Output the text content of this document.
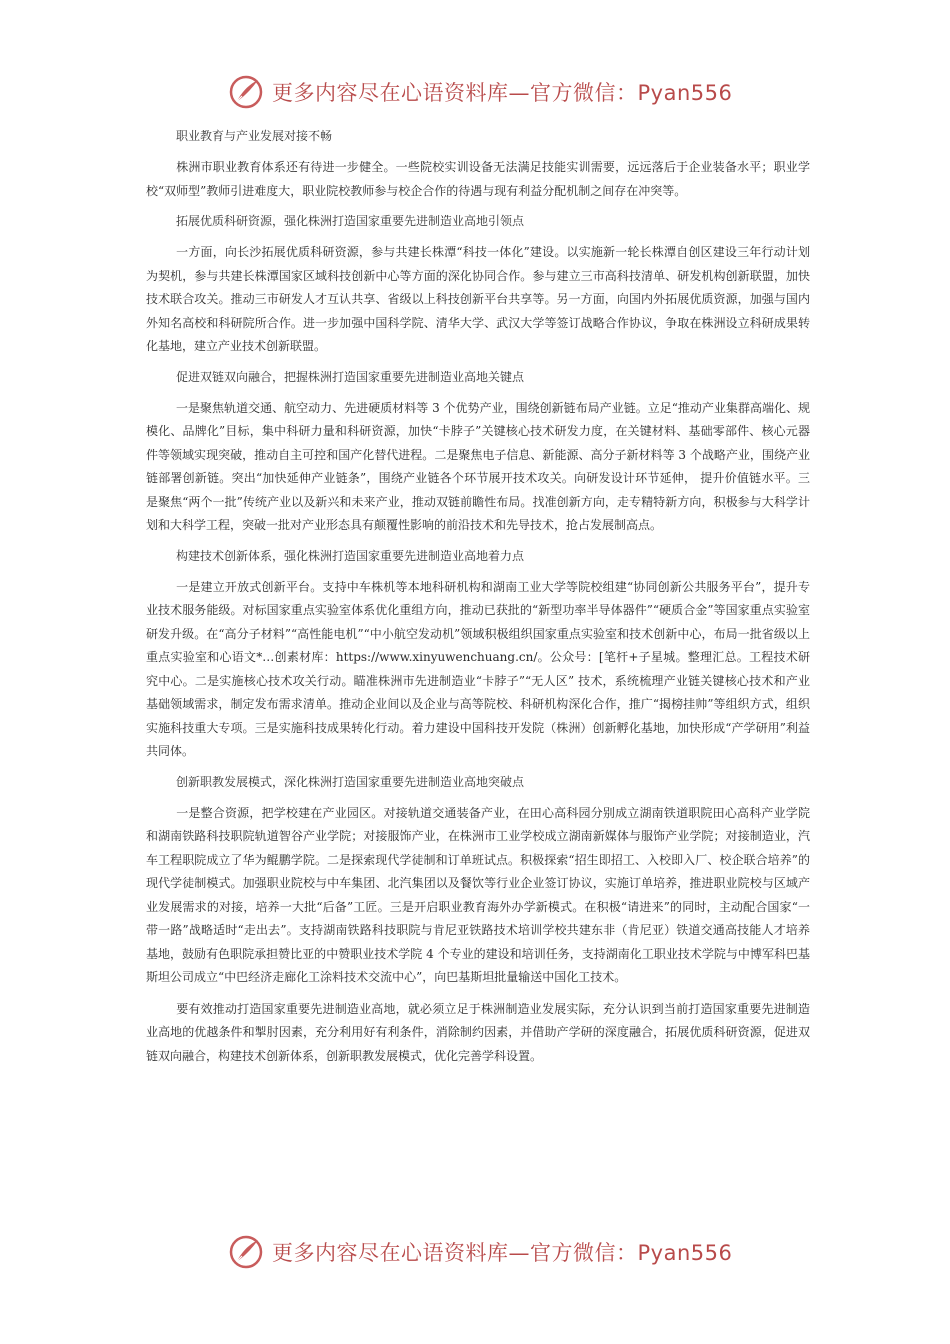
更多内容尽在心语资料库—官方微信：Pyan556

职业教育与产业发展对接不畅

株洲市职业教育体系还有待进一步健全。一些院校实训设备无法满足技能实训需要，远远落后于企业装备水平；职业学校“双师型”教师引进难度大，职业院校教师参与校企合作的待遇与现有利益分配机制之间存在冲突等。

拓展优质科研资源，强化株洲打造国家重要先进制造业高地引领点

一方面，向长沙拓展优质科研资源，参与共建长株潭“科技一体化”建设。以实施新一轮长株潭自创区建设三年行动计划为契机，参与共建长株潭国家区域科技创新中心等方面的深化协同合作。参与建立三市高科技清单、研发机构创新联盟，加快技术联合攻关。推动三市研发人才互认共享、省级以上科技创新平台共享等。另一方面，向国内外拓展优质资源，加强与国内外知名高校和科研院所合作。进一步加强中国科学院、清华大学、武汉大学等签订战略合作协议，争取在株洲设立科研成果转化基地，建立产业技术创新联盟。

促进双链双向融合，把握株洲打造国家重要先进制造业高地关键点

一是聚焦轨道交通、航空动力、先进硬质材料等 3 个优势产业，围绕创新链布局产业链。立足“推动产业集群高端化、规模化、品牌化”目标，集中科研力量和科研资源，加快“卡脖子”关键核心技术研发力度，在关键材料、基础零部件、核心元器件等领域实现突破，推动自主可控和国产化替代进程。二是聚焦电子信息、新能源、高分子新材料等 3 个战略产业，围绕产业链部署创新链。突出“加快延伸产业链条”，围绕产业链各个环节展开技术攻关。向研发设计环节延伸， 提升价值链水平。三是聚焦“两个一批”传统产业以及新兴和未来产业，推动双链前瞻性布局。找准创新方向，走专精特新方向，积极参与大科学计划和大科学工程，突破一批对产业形态具有颠覆性影响的前沿技术和先导技术，抢占发展制高点。

构建技术创新体系，强化株洲打造国家重要先进制造业高地着力点

一是建立开放式创新平台。支持中车株机等本地科研机构和湖南工业大学等院校组建“协同创新公共服务平台”，提升专业技术服务能级。对标国家重点实验室体系优化重组方向，推动已获批的“新型功率半导体器件”“硬质合金”等国家重点实验室研发升级。在“高分子材料”“高性能电机”“中小航空发动机”领域积极组织国家重点实验室和技术创新中心，布局一批省级以上重点实验室和心语文*…创素材库：https://www.xinyuwenchuang.cn/。公众号：[笔杆+子星城。整理汇总。工程技术研究中心。二是实施核心技术攻关行动。瞄准株洲市先进制造业“卡脖子”“无人区” 技术，系统梳理产业链关键核心技术和产业基础领域需求，制定发布需求清单。推动企业间以及企业与高等院校、科研机构深化合作，推广“揭榜挂帅”等组织方式，组织实施科技重大专项。三是实施科技成果转化行动。着力建设中国科技开发院（株洲）创新孵化基地，加快形成“产学研用”利益共同体。

创新职教发展模式，深化株洲打造国家重要先进制造业高地突破点

一是整合资源，把学校建在产业园区。对接轨道交通装备产业，在田心高科园分别成立湖南铁道职院田心高科产业学院和湖南铁路科技职院轨道智谷产业学院；对接服饰产业，在株洲市工业学校成立湖南新媒体与服饰产业学院；对接制造业，汽车工程职院成立了华为鲲鹏学院。二是探索现代学徒制和订单班试点。积极探索“招生即招工、入校即入厂、校企联合培养”的现代学徒制模式。加强职业院校与中车集团、北汽集团以及餐饮等行业企业签订协议，实施订单培养，推进职业院校与区域产业发展需求的对接，培养一大批“后备”工匠。三是开启职业教育海外办学新模式。在积极“请进来”的同时，主动配合国家“一带一路”战略适时“走出去”。支持湖南铁路科技职院与肯尼亚铁路技术培训学校共建东非（肯尼亚）铁道交通高技能人才培养基地，鼓励有色职院承担赞比亚的中赞职业技术学院 4 个专业的建设和培训任务，支持湖南化工职业技术学院与中博军科巴基斯坦公司成立“中巴经济走廊化工涂料技术交流中心”，向巴基斯坦批量输送中国化工技术。

要有效推动打造国家重要先进制造业高地，就必须立足于株洲制造业发展实际，充分认识到当前打造国家重要先进制造业高地的优越条件和掣肘因素，充分利用好有利条件，消除制约因素，并借助产学研的深度融合，拓展优质科研资源，促进双链双向融合，构建技术创新体系，创新职教发展模式，优化完善学科设置。

更多内容尽在心语资料库—官方微信：Pyan556
